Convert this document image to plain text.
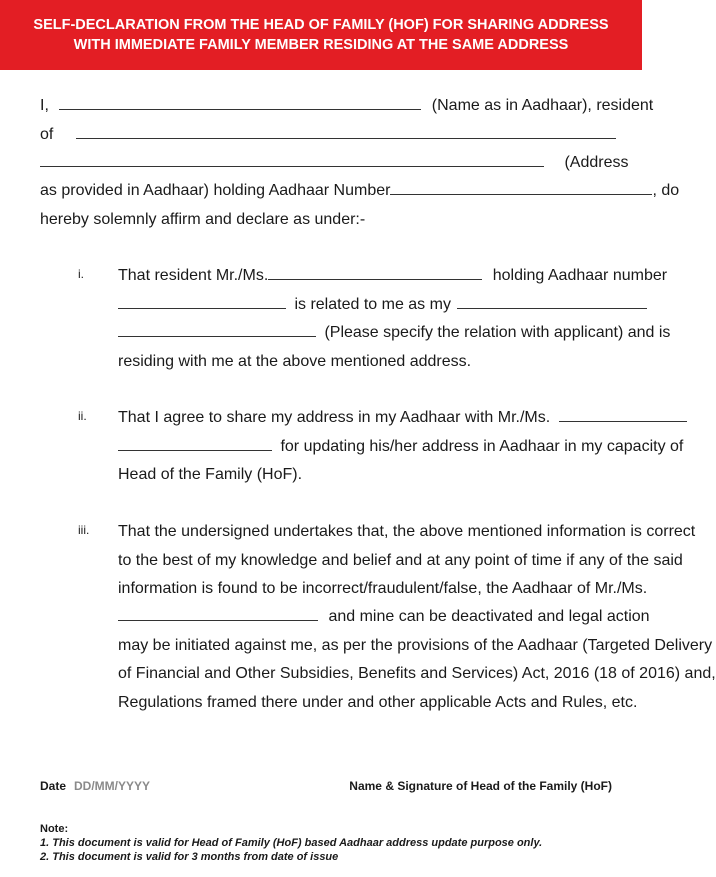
SELF-DECLARATION FROM THE HEAD OF FAMILY (HOF) FOR SHARING ADDRESS
WITH IMMEDIATE FAMILY MEMBER RESIDING AT THE SAME ADDRESS
I,	(Name as in Aadhaar), resident
of
(Address
as provided in Aadhaar) holding Aadhaar Number	, do
hereby solemnly affirm and declare as under:-
i. That resident Mr./Ms.	holding Aadhaar number
is related to me as my
(Please specify the relation with applicant) and is
residing with me at the above mentioned address.
ii. That I agree to share my address in my Aadhaar with Mr./Ms.
for updating his/her address in Aadhaar in my capacity of
Head of the Family (HoF).
iii. That the undersigned undertakes that, the above mentioned information is correct
to the best of my knowledge and belief and at any point of time if any of the said
information is found to be incorrect/fraudulent/false, the Aadhaar of Mr./Ms.
and mine can be deactivated and legal action
may be initiated against me, as per the provisions of the Aadhaar (Targeted Delivery
of Financial and Other Subsidies, Benefits and Services) Act, 2016 (18 of 2016) and,
Regulations framed there under and other applicable Acts and Rules, etc.
Date DD/MM/YYYY	Name & Signature of Head of the Family (HoF)
Note:
1. This document is valid for Head of Family (HoF) based Aadhaar address update purpose only.
2. This document is valid for 3 months from date of issue
